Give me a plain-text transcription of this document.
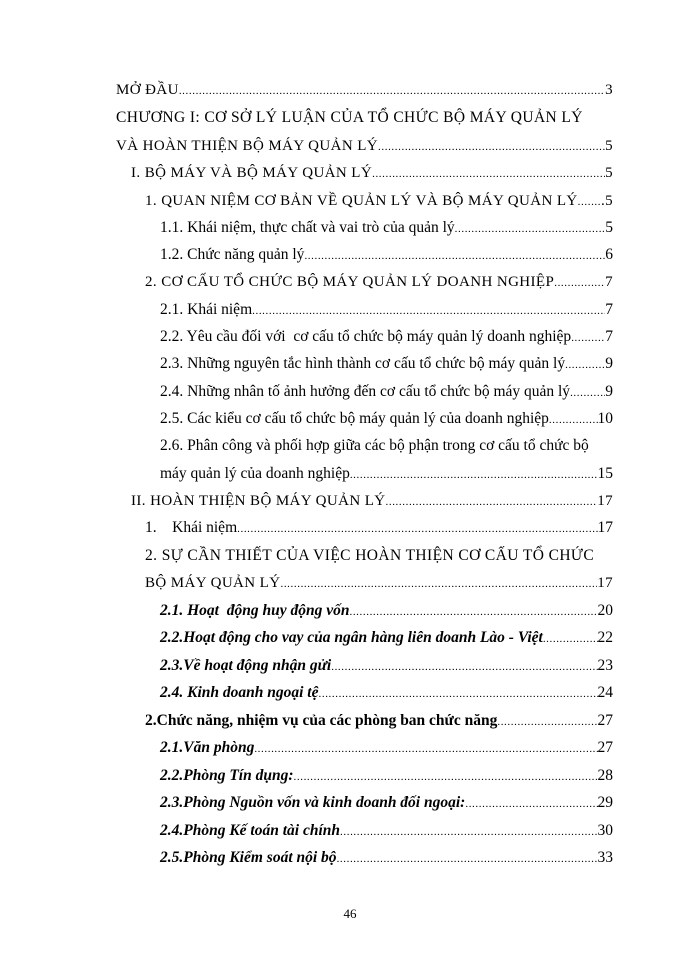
MỞ ĐẦU .....	3
CHƯƠNG I: CƠ SỞ LÝ LUẬN CỦA TỔ CHỨC BỘ MÁY QUẢN LÝ
VÀ HOÀN THIỆN BỘ MÁY QUẢN LÝ .....	5
I. BỘ MÁY VÀ BỘ MÁY QUẢN LÝ .....	5
1. QUAN NIỆM CƠ BẢN VỀ QUẢN LÝ VÀ BỘ MÁY QUẢN LÝ ..... .5
1.1. Khái niệm, thực chất và vai trò của quản lý .....	5
1.2. Chức năng quản lý .....	6
2. CƠ CẤU TỔ CHỨC BỘ MÁY QUẢN LÝ DOANH NGHIỆP .....	7
2.1. Khái niệm .....	7
2.2. Yêu cầu đối với  cơ cấu tổ chức bộ máy quản lý doanh nghiệp ..... 7
2.3. Những nguyên tắc hình thành cơ cấu tổ chức bộ máy quản lý .....	9
2.4. Những nhân tố ảnh hưởng đến cơ cấu tổ chức bộ máy quản lý ..... 9
2.5. Các kiểu cơ cấu tổ chức bộ máy quản lý của doanh nghiệp .....	10
2.6. Phân công và phối hợp giữa các bộ phận trong cơ cấu tổ chức bộ
máy quản lý của doanh nghiệp .....	15
II. HOÀN THIỆN BỘ MÁY QUẢN LÝ .....	17
1.    Khái niệm .....	17
2. SỰ CẦN THIẾT CỦA VIỆC HOÀN THIỆN CƠ CẤU TỔ CHỨC
BỘ MÁY QUẢN LÝ .....	17
2.1. Hoạt  động huy động vốn .....	20
2.2.Hoạt động cho vay của ngân hàng liên doanh Lào - Việt .....	22
2.3.Về hoạt động nhận gửi .....	23
2.4. Kinh doanh ngoại tệ .....	24
2.Chức năng, nhiệm vụ của các phòng ban chức năng .....	27
2.1.Văn phòng .....	27
2.2.Phòng Tín dụng: .....	28
2.3.Phòng Nguồn vốn và kinh doanh đối ngoại: .....	29
2.4.Phòng Kế toán tài chính .....	30
2.5.Phòng Kiểm soát nội bộ .....	33
46
